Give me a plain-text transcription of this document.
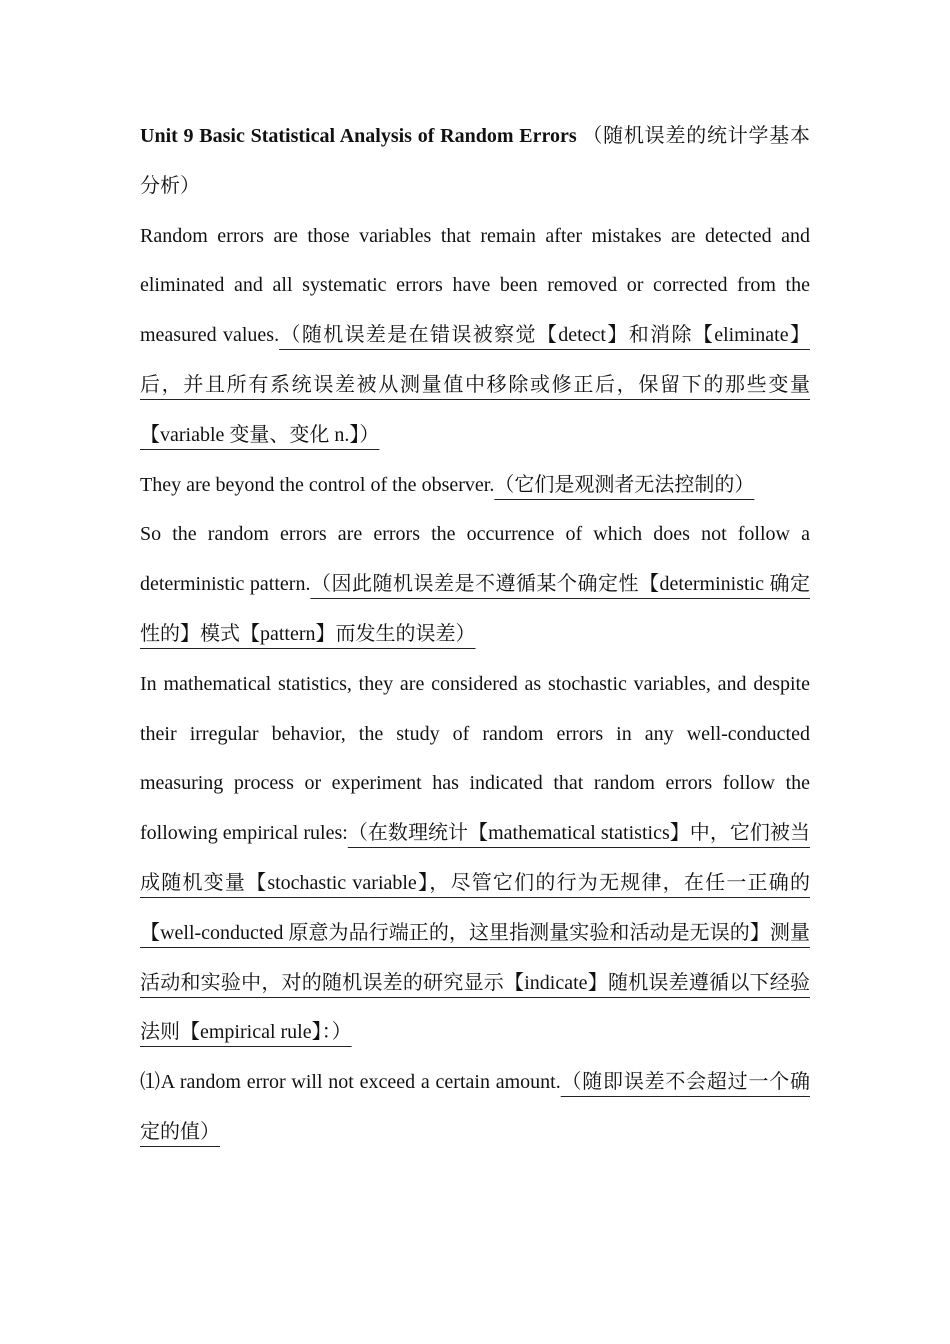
Unit 9 Basic Statistical Analysis of Random Errors （随机误差的统计学基本分析）

Random errors are those variables that remain after mistakes are detected and eliminated and all systematic errors have been removed or corrected from the measured values.（随机误差是在错误被察觉【detect】和消除【eliminate】后，并且所有系统误差被从测量值中移除或修正后，保留下的那些变量【variable 变量、变化 n.】）

They are beyond the control of the observer.（它们是观测者无法控制的）

So the random errors are errors the occurrence of which does not follow a deterministic pattern.（因此随机误差是不遵循某个确定性【deterministic 确定性的】模式【pattern】而发生的误差）

In mathematical statistics, they are considered as stochastic variables, and despite their irregular behavior, the study of random errors in any well-conducted measuring process or experiment has indicated that random errors follow the following empirical rules:（在数理统计【mathematical statistics】中，它们被当成随机变量【stochastic variable】，尽管它们的行为无规律，在任一正确的【well-conducted 原意为品行端正的，这里指测量实验和活动是无误的】测量活动和实验中，对的随机误差的研究显示【indicate】随机误差遵循以下经验法则【empirical rule】：）

⑴A random error will not exceed a certain amount.（随即误差不会超过一个确定的值）
